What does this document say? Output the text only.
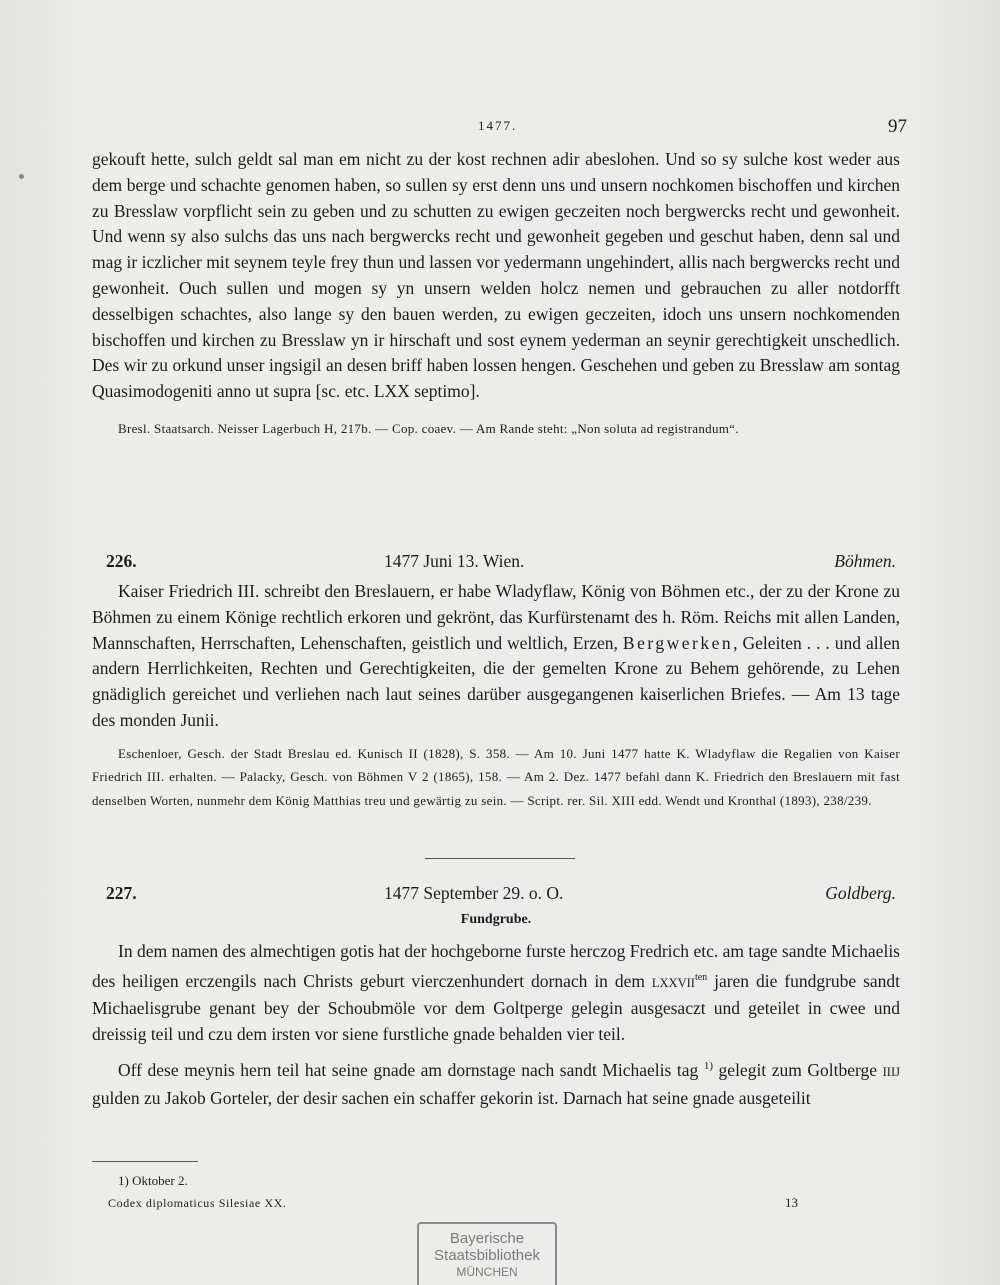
1477.	97

gekouft hette, sulch geldt sal man em nicht zu der kost rechnen adir abeslohen. Und so sy sulche kost weder aus dem berge und schachte genomen haben, so sullen sy erst denn uns und unsern nochkomen bischoffen und kirchen zu Bresslaw vorpflicht sein zu geben und zu schutten zu ewigen geczeiten noch bergwercks recht und gewonheit. Und wenn sy also sulchs das uns nach bergwercks recht und gewonheit gegeben und geschut haben, denn sal und mag ir iczlicher mit seynem teyle frey thun und lassen vor yedermann ungehindert, allis nach bergwercks recht und gewonheit. Ouch sullen und mogen sy yn unsern welden holcz nemen und gebrauchen zu aller notdorfft desselbigen schachtes, also lange sy den bauen werden, zu ewigen geczeiten, idoch uns unsern nochkomenden bischoffen und kirchen zu Bresslaw yn ir hirschaft und sost eynem yederman an seynir gerechtigkeit unschedlich. Des wir zu orkund unser ingsigil an desen briff haben lossen hengen. Geschehen und geben zu Bresslaw am sontag Quasimodogeniti anno ut supra [sc. etc. LXX septimo].

Bresl. Staatsarch. Neisser Lagerbuch H, 217b. — Cop. coaev. — Am Rande steht: „Non soluta ad registrandum“.
226.	1477 Juni 13. Wien.	Böhmen.

Kaiser Friedrich III. schreibt den Breslauern, er habe Wladyflaw, König von Böhmen etc., der zu der Krone zu Böhmen zu einem Könige rechtlich erkoren und gekrönt, das Kurfürstenamt des h. Röm. Reichs mit allen Landen, Mannschaften, Herrschaften, Lehenschaften, geistlich und weltlich, Erzen, Bergwerken, Geleiten . . . und allen andern Herrlichkeiten, Rechten und Gerechtigkeiten, die der gemelten Krone zu Behem gehörende, zu Lehen gnädiglich gereichet und verliehen nach laut seines darüber ausgegangenen kaiserlichen Briefes. — Am 13 tage des monden Junii.

Eschenloer, Gesch. der Stadt Breslau ed. Kunisch II (1828), S. 358. — Am 10. Juni 1477 hatte K. Wladyflaw die Regalien von Kaiser Friedrich III. erhalten. — Palacky, Gesch. von Böhmen V 2 (1865), 158. — Am 2. Dez. 1477 befahl dann K. Friedrich den Breslauern mit fast denselben Worten, nunmehr dem König Matthias treu und gewärtig zu sein. — Script. rer. Sil. XIII edd. Wendt und Kronthal (1893), 238/239.
227.	1477 September 29. o. O.	Goldberg.
Fundgrube.

In dem namen des almechtigen gotis hat der hochgeborne furste herczog Fredrich etc. am tage sandte Michaelis des heiligen erczengils nach Christs geburt vierczenhundert dornach in dem $LXXVII^{ten}$ jaren die fundgrube sandt Michaelisgrube genant bey der Schoubmöle vor dem Goltperge gelegin ausgesaczt und geteilet in cwee und dreissig teil und czu dem irsten vor siene furstliche gnade behalden vier teil.

Off dese meynis hern teil hat seine gnade am dornstage nach sandt Michaelis tag $^{1)}$ gelegit zum Goltberge IIIJ gulden zu Jakob Gorteler, der desir sachen ein schaffer gekorin ist. Darnach hat seine gnade ausgeteilit

1) Oktober 2.
Codex diplomaticus Silesiae XX.	13
Bayerische
Staatsbibliothek
MÜNCHEN
